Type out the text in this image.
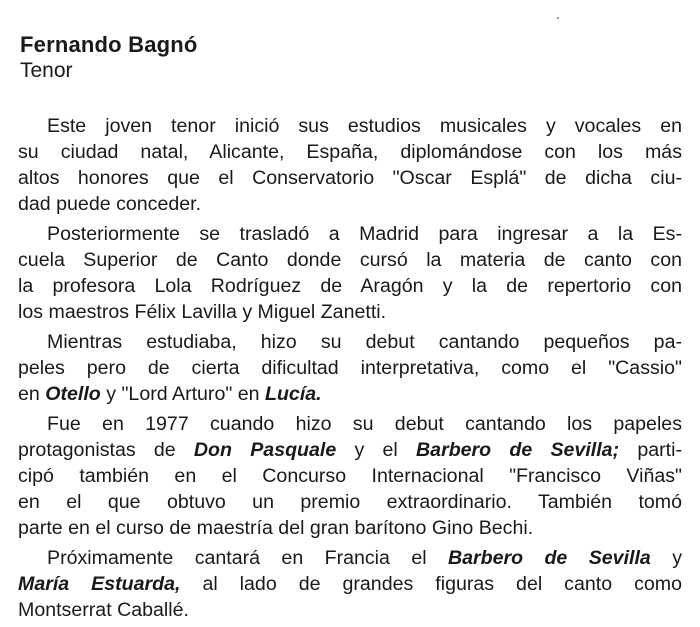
Fernando Bagnó
Tenor
Este joven tenor inició sus estudios musicales y vocales en
su ciudad natal, Alicante, España, diplomándose con los más
altos honores que el Conservatorio "Oscar Esplá" de dicha ciu-
dad puede conceder.
Posteriormente se trasladó a Madrid para ingresar a la Es-
cuela Superior de Canto donde cursó la materia de canto con
la profesora Lola Rodríguez de Aragón y la de repertorio con
los maestros Félix Lavilla y Miguel Zanetti.
Mientras estudiaba, hizo su debut cantando pequeños pa-
peles pero de cierta dificultad interpretativa, como el "Cassio"
en Otello y "Lord Arturo" en Lucía.
Fue en 1977 cuando hizo su debut cantando los papeles
protagonistas de Don Pasquale y el Barbero de Sevilla; parti-
cipó también en el Concurso Internacional "Francisco Viñas"
en el que obtuvo un premio extraordinario. También tomó
parte en el curso de maestría del gran barítono Gino Bechi.
Próximamente cantará en Francia el Barbero de Sevilla y
María Estuarda, al lado de grandes figuras del canto como
Montserrat Caballé.
